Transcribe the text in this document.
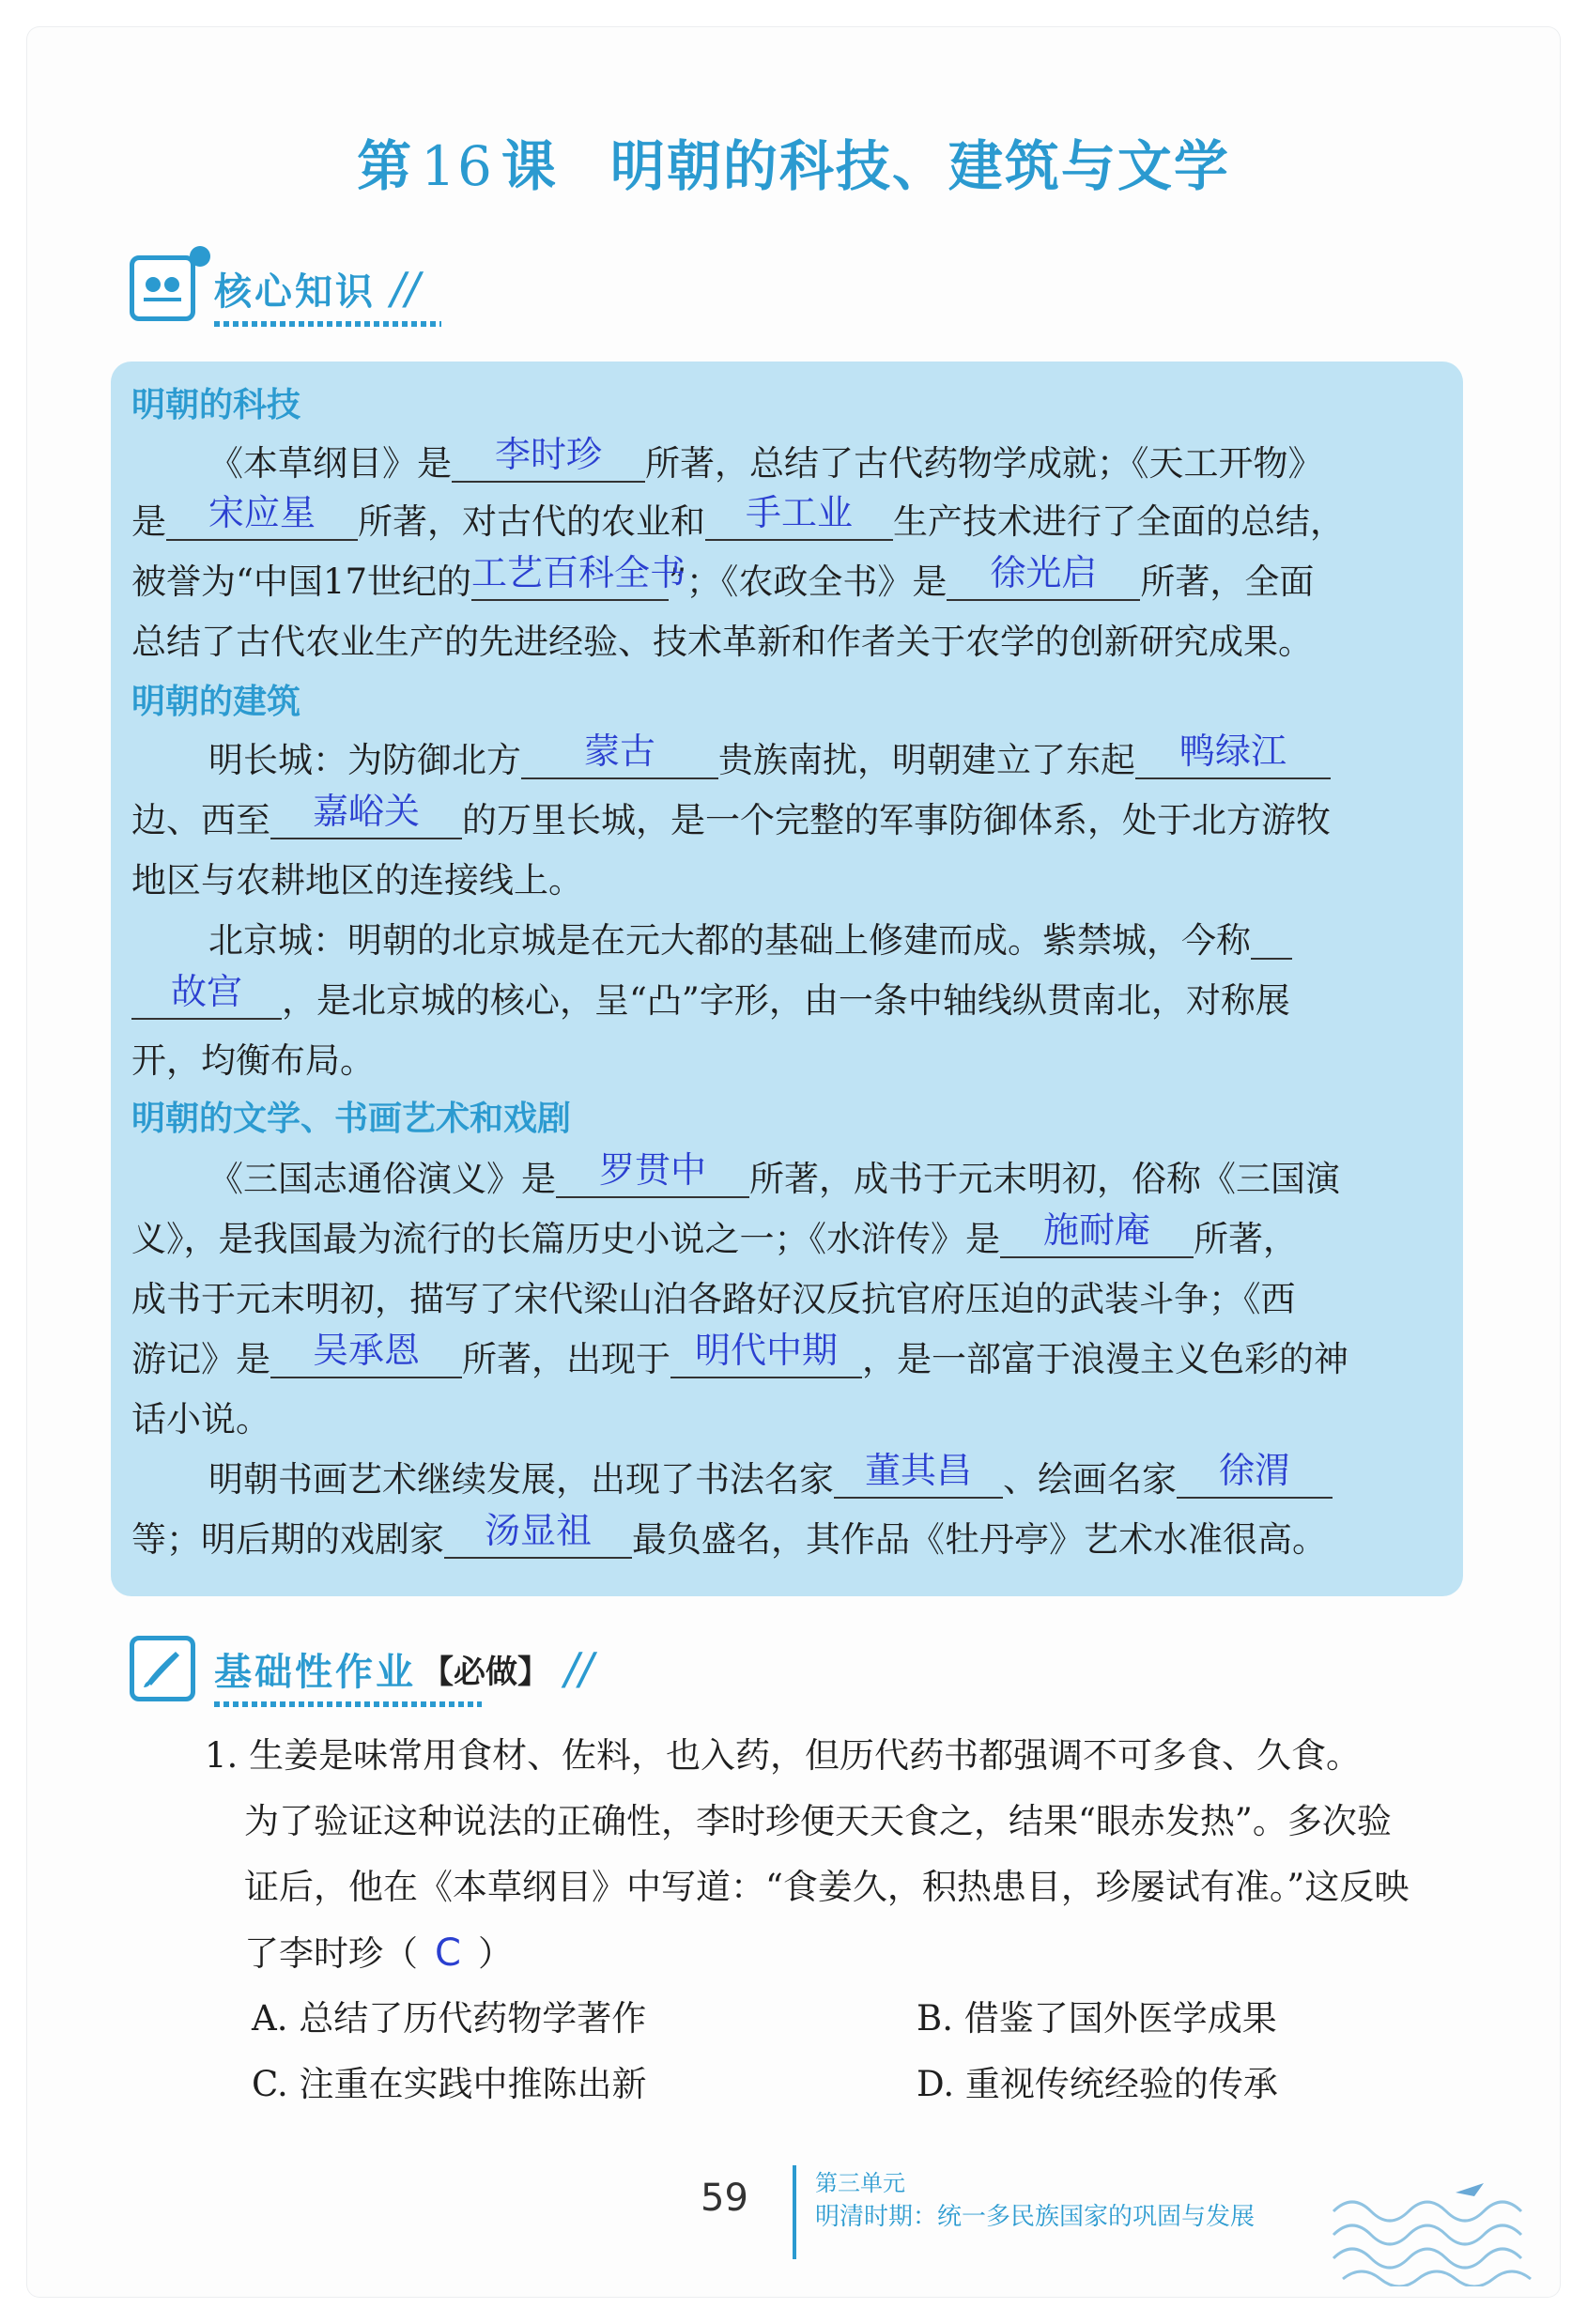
第 16 课 明朝的科技、建筑与文学
核心知识 //
明朝的科技
《本草纲目》是	李时珍	所著，总结了古代药物学成就；《天工开物》
是	宋应星	所著，对古代的农业和	手工业	生产技术进行了全面的总结，
被誉为“中国17世纪的 工艺百科全书
”；《农政全书》是	徐光启	所著，全面
总结了古代农业生产的先进经验、技术革新和作者关于农学的创新研究成果。
明朝的建筑
明长城：为防御北方	蒙古	贵族南扰，明朝建立了东起	鸭绿江
边、西至	嘉峪关	的万里长城，是一个完整的军事防御体系，处于北方游牧
地区与农耕地区的连接线上。
北京城：明朝的北京城是在元大都的基础上修建而成。紫禁城，今称
故宫	，是北京城的核心，呈“凸”字形，由一条中轴线纵贯南北，对称展
开，均衡布局。
明朝的文学、书画艺术和戏剧
《三国志通俗演义》是	罗贯中	所著，成书于元末明初，俗称《三国演
义》，是我国最为流行的长篇历史小说之一；《水浒传》是	施耐庵	所著，
成书于元末明初，描写了宋代梁山泊各路好汉反抗官府压迫的武装斗争；《西
游记》是	吴承恩	所著，出现于 明代中期 ，是一部富于浪漫主义色彩的神
话小说。
明朝书画艺术继续发展，出现了书法名家 董其昌 、绘画名家	徐渭
等；明后期的戏剧家	汤显祖	最负盛名，其作品《牡丹亭》艺术水准很高。
基础性作业 【必做】 //
1. 生姜是味常用食材、佐料，也入药，但历代药书都强调不可多食、久食。
为了验证这种说法的正确性，李时珍便天天食之，结果“眼赤发热”。多次验
证后，他在《本草纲目》中写道：“食姜久，积热患目，珍屡试有准。”这反映
了李时珍（ C ）
A. 总结了历代药物学著作	B. 借鉴了国外医学成果
C. 注重在实践中推陈出新	D. 重视传统经验的传承
59	第三单元
明清时期：统一多民族国家的巩固与发展
